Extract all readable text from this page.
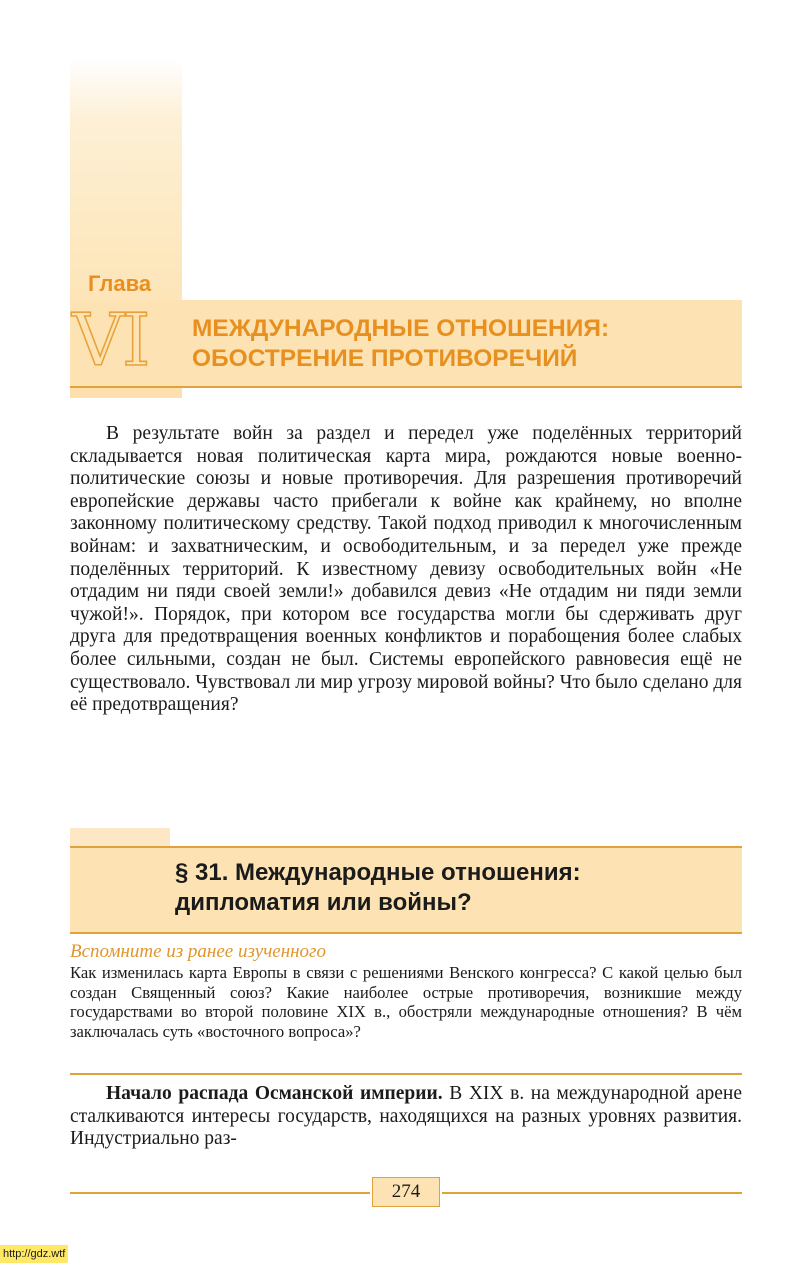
Глава
VI МЕЖДУНАРОДНЫЕ ОТНОШЕНИЯ:
ОБОСТРЕНИЕ ПРОТИВОРЕЧИЙ

В результате войн за раздел и передел уже поделённых территорий складывается новая политическая карта мира, рождаются новые военно-политические союзы и новые противоречия. Для разрешения противоречий европейские державы часто прибегали к войне как крайнему, но вполне законному политическому средству. Такой подход приводил к многочисленным войнам: и захватническим, и освободительным, и за передел уже прежде поделённых территорий. К известному девизу освободительных войн «Не отдадим ни пяди своей земли!» добавился девиз «Не отдадим ни пяди земли чужой!». Порядок, при котором все государства могли бы сдерживать друг друга для предотвращения военных конфликтов и порабощения более слабых более сильными, создан не был. Системы европейского равновесия ещё не существовало. Чувствовал ли мир угрозу мировой войны? Что было сделано для её предотвращения?

§ 31. Международные отношения:
дипломатия или войны?
Вспомните из ранее изученного
Как изменилась карта Европы в связи с решениями Венского конгресса? С какой целью был создан Священный союз? Какие наиболее острые противоречия, возникшие между государствами во второй половине XIX в., обостряли международные отношения? В чём заключалась суть «восточного вопроса»?

Начало распада Османской империи. В XIX в. на международной арене сталкиваются интересы государств, находящихся на разных уровнях развития. Индустриально раз-

274
http://gdz.wtf
